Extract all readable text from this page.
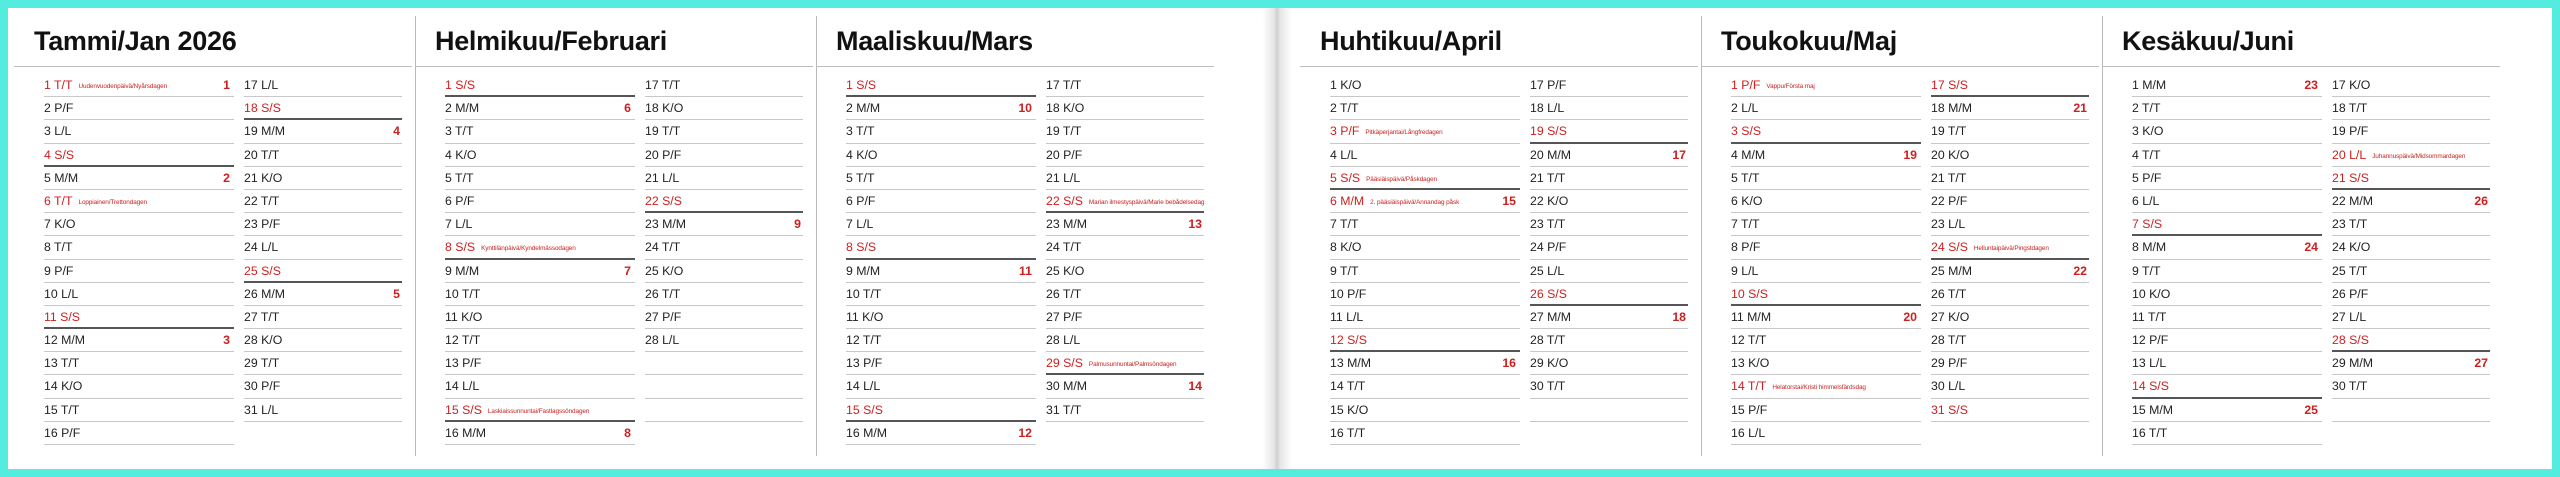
Tammi/Jan 2026
1 T/T Uudenvuodenpäivä/Nyårsdagen	1
2 P/F
3 L/L
4 S/S
5 M/M	2
6 T/T Loppiainen/Trettondagen
7 K/O
8 T/T
9 P/F
10 L/L
11 S/S
12 M/M	3
13 T/T
14 K/O
15 T/T
16 P/F
17 L/L
18 S/S
19 M/M	4
20 T/T
21 K/O
22 T/T
23 P/F
24 L/L
25 S/S
26 M/M	5
27 T/T
28 K/O
29 T/T
30 P/F
31 L/L
Helmikuu/Februari
1 S/S
2 M/M	6
3 T/T
4 K/O
5 T/T
6 P/F
7 L/L
8 S/S Kynttilänpäivä/Kyndelmässodagen
9 M/M	7
10 T/T
11 K/O
12 T/T
13 P/F
14 L/L
15 S/S Laskiaissunnuntai/Fastlagssöndagen
16 M/M	8
17 T/T
18 K/O
19 T/T
20 P/F
21 L/L
22 S/S
23 M/M	9
24 T/T
25 K/O
26 T/T
27 P/F
28 L/L
Maaliskuu/Mars
1 S/S
2 M/M	10
3 T/T
4 K/O
5 T/T
6 P/F
7 L/L
8 S/S
9 M/M	11
10 T/T
11 K/O
12 T/T
13 P/F
14 L/L
15 S/S
16 M/M	12
17 T/T
18 K/O
19 T/T
20 P/F
21 L/L
22 S/S Marian ilmestyspäivä/Marie bebådelsedag
23 M/M	13
24 T/T
25 K/O
26 T/T
27 P/F
28 L/L
29 S/S Palmusunnuntai/Palmsöndagen
30 M/M	14
31 T/T
Huhtikuu/April
1 K/O
2 T/T
3 P/F Pitkäperjantai/Långfredagen
4 L/L
5 S/S Pääsiäispäivä/Påskdagen
6 M/M 2. pääsiäispäivä/Annandag påsk	15
7 T/T
8 K/O
9 T/T
10 P/F
11 L/L
12 S/S
13 M/M	16
14 T/T
15 K/O
16 T/T
17 P/F
18 L/L
19 S/S
20 M/M	17
21 T/T
22 K/O
23 T/T
24 P/F
25 L/L
26 S/S
27 M/M	18
28 T/T
29 K/O
30 T/T
Toukokuu/Maj
1 P/F Vappu/Första maj
2 L/L
3 S/S
4 M/M	19
5 T/T
6 K/O
7 T/T
8 P/F
9 L/L
10 S/S
11 M/M	20
12 T/T
13 K/O
14 T/T Helatorstai/Kristi himmelsfärdsdag
15 P/F
16 L/L
17 S/S
18 M/M	21
19 T/T
20 K/O
21 T/T
22 P/F
23 L/L
24 S/S Helluntaipäivä/Pingstdagen
25 M/M	22
26 T/T
27 K/O
28 T/T
29 P/F
30 L/L
31 S/S
Kesäkuu/Juni
1 M/M	23
2 T/T
3 K/O
4 T/T
5 P/F
6 L/L
7 S/S
8 M/M	24
9 T/T
10 K/O
11 T/T
12 P/F
13 L/L
14 S/S
15 M/M	25
16 T/T
17 K/O
18 T/T
19 P/F
20 L/L Juhannuspäivä/Midsommardagen
21 S/S
22 M/M	26
23 T/T
24 K/O
25 T/T
26 P/F
27 L/L
28 S/S
29 M/M	27
30 T/T
